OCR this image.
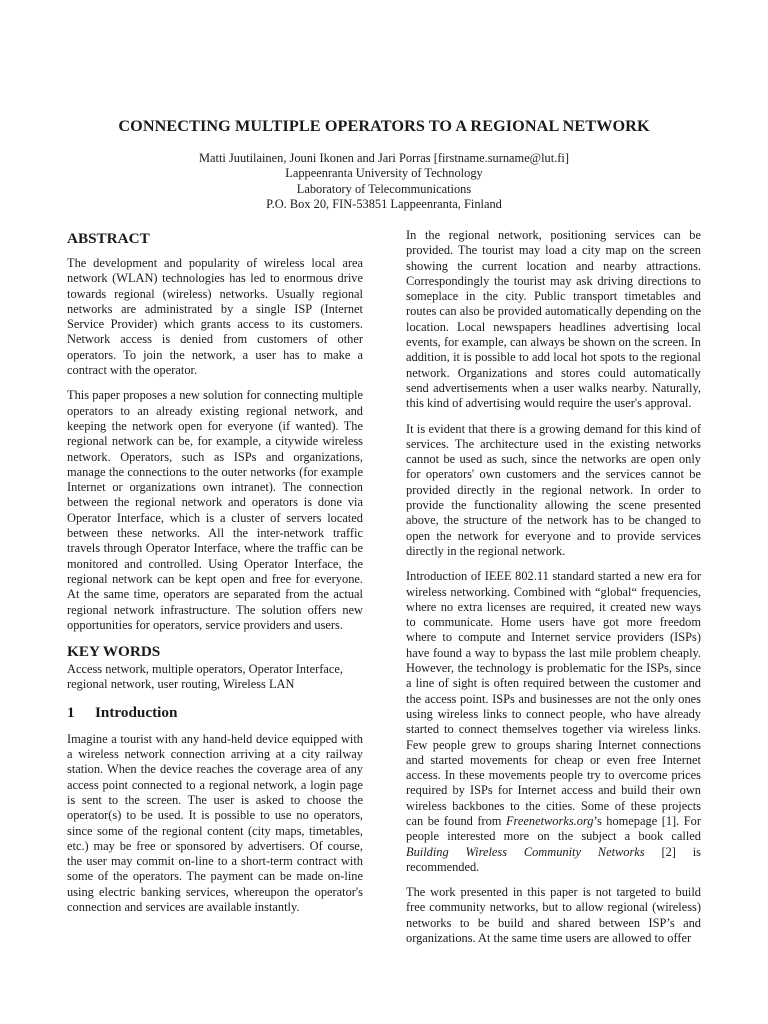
CONNECTING MULTIPLE OPERATORS TO A REGIONAL NETWORK
Matti Juutilainen, Jouni Ikonen and Jari Porras [firstname.surname@lut.fi]
Lappeenranta University of Technology
Laboratory of Telecommunications
P.O. Box 20, FIN-53851 Lappeenranta, Finland
ABSTRACT

The development and popularity of wireless local area network (WLAN) technologies has led to enormous drive towards regional (wireless) networks. Usually regional networks are administrated by a single ISP (Internet Service Provider) which grants access to its customers. Network access is denied from customers of other operators. To join the network, a user has to make a contract with the operator.

This paper proposes a new solution for connecting multiple operators to an already existing regional network, and keeping the network open for everyone (if wanted). The regional network can be, for example, a citywide wireless network. Operators, such as ISPs and organizations, manage the connections to the outer networks (for example Internet or organizations own intranet). The connection between the regional network and operators is done via Operator Interface, which is a cluster of servers located between these networks. All the inter-network traffic travels through Operator Interface, where the traffic can be monitored and controlled. Using Operator Interface, the regional network can be kept open and free for everyone. At the same time, operators are separated from the actual regional network infrastructure. The solution offers new opportunities for operators, service providers and users.

KEY WORDS

Access network, multiple operators, Operator Interface, regional network, user routing, Wireless LAN

1 Introduction

Imagine a tourist with any hand-held device equipped with a wireless network connection arriving at a city railway station. When the device reaches the coverage area of any access point connected to a regional network, a login page is sent to the screen. The user is asked to choose the operator(s) to be used. It is possible to use no operators, since some of the regional content (city maps, timetables, etc.) may be free or sponsored by advertisers. Of course, the user may commit on-line to a short-term contract with some of the operators. The payment can be made on-line using electric banking services, whereupon the operator's connection and services are available instantly.

In the regional network, positioning services can be provided. The tourist may load a city map on the screen showing the current location and nearby attractions. Correspondingly the tourist may ask driving directions to someplace in the city. Public transport timetables and routes can also be provided automatically depending on the location. Local newspapers headlines advertising local events, for example, can always be shown on the screen. In addition, it is possible to add local hot spots to the regional network. Organizations and stores could automatically send advertisements when a user walks nearby. Naturally, this kind of advertising would require the user's approval.

It is evident that there is a growing demand for this kind of services. The architecture used in the existing networks cannot be used as such, since the networks are open only for operators' own customers and the services cannot be provided directly in the regional network. In order to provide the functionality allowing the scene presented above, the structure of the network has to be changed to open the network for everyone and to provide services directly in the regional network.

Introduction of IEEE 802.11 standard started a new era for wireless networking. Combined with “global“ frequencies, where no extra licenses are required, it created new ways to communicate. Home users have got more freedom where to compute and Internet service providers (ISPs) have found a way to bypass the last mile problem cheaply. However, the technology is problematic for the ISPs, since a line of sight is often required between the customer and the access point. ISPs and businesses are not the only ones using wireless links to connect people, who have already started to connect themselves together via wireless links. Few people grew to groups sharing Internet connections and started movements for cheap or even free Internet access. In these movements people try to overcome prices required by ISPs for Internet access and build their own wireless backbones to the cities. Some of these projects can be found from Freenetworks.org’s homepage [1]. For people interested more on the subject a book called Building Wireless Community Networks [2] is recommended.

The work presented in this paper is not targeted to build free community networks, but to allow regional (wireless) networks to be build and shared between ISP’s and organizations. At the same time users are allowed to offer
